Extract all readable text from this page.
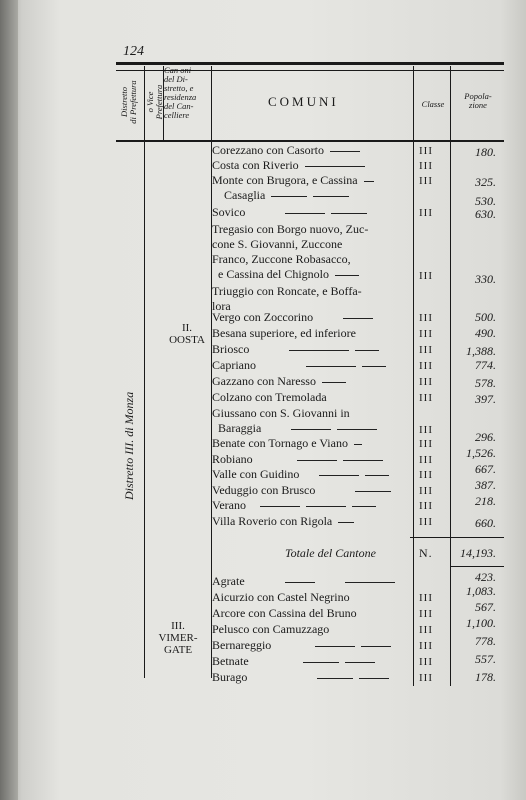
124
Distretto di Prefettura o Vice Prefettura
Can oni
del Di-
stretto, e
residenza
del Can-
celliere
COMUNI	Classe
Popola-
zione
Distretto III. di Monza
II.
OOSTA
III.
VIMER-
GATE
Corezzano con Casorto	III	180.
Costa con Riverio	III
Monte con Brugora, e Cassina	III	325.
Casaglia	530.
Sovico	III	630.
Tregasio con Borgo nuovo, Zuc-
cone S. Giovanni, Zuccone
Franco, Zuccone Robasacco,
e Cassina del Chignolo	III	330.
Triuggio con Roncate, e Boffa-
lora
Vergo con Zoccorino	III	500.
Besana superiore, ed inferiore	III	490.
Briosco	III	1,388.
Capriano	III	774.
Gazzano con Naresso	III	578.
Colzano con Tremolada	III	397.
Giussano con S. Giovanni in
Baraggia	III
Benate con Tornago e Viano	III	296.
Robiano	III	1,526.
Valle con Guidino	III	667.
Veduggio con Brusco	III	387.
Verano	III	218.
Villa Roverio con Rigola	III	660.
Totale del Cantone	N. 14,193.
Agrate	423.
Aicurzio con Castel Negrino	III	1,083.
Arcore con Cassina del Bruno	III	567.
Pelusco con Camuzzago	III	1,100.
Bernareggio	III	778.
Betnate	III	557.
Burago	III	178.
